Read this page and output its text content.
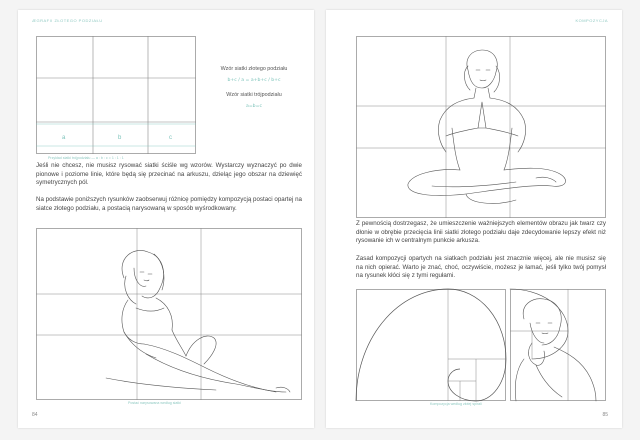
ÆGRAFII ZŁOTEGO PODZIAŁU
a	b	c
Przykład siatki trójpodziału — a : b : c = 1 : 1 : 1
Wzór siatki złotego podziału
b+c / a = a+b+c / b+c
Wzór siatki trójpodziału
a=b=c
Jeśli nie chcesz, nie musisz rysować siatki ściśle wg wzorów. Wystarczy wyznaczyć po dwie pionowe i poziome linie, które będą się przecinać na arkuszu, dzieląc jego obszar na dziewięć symetrycznych pól.
Na podstawie poniższych rysunków zaobserwuj różnicę pomiędzy kompozycją postaci opartej na siatce złotego podziału, a postacią narysowaną w sposób wyśrodkowany.
Postać narysowana według siatki
84
KOMPOZYCJA
Z pewnością dostrzegasz, że umieszczenie ważniejszych elementów obrazu jak twarz czy dłonie w obrębie przecięcia linii siatki złotego podziału daje zdecydowanie lepszy efekt niż rysowanie ich w centralnym punkcie arkusza.
Zasad kompozycji opartych na siatkach podziału jest znacznie więcej, ale nie musisz się na nich opierać. Warto je znać, choć, oczywiście, możesz je łamać, jeśli tylko twój pomysł na rysunek kłóci się z tymi regułami.
Kompozycja według złotej spirali
85
